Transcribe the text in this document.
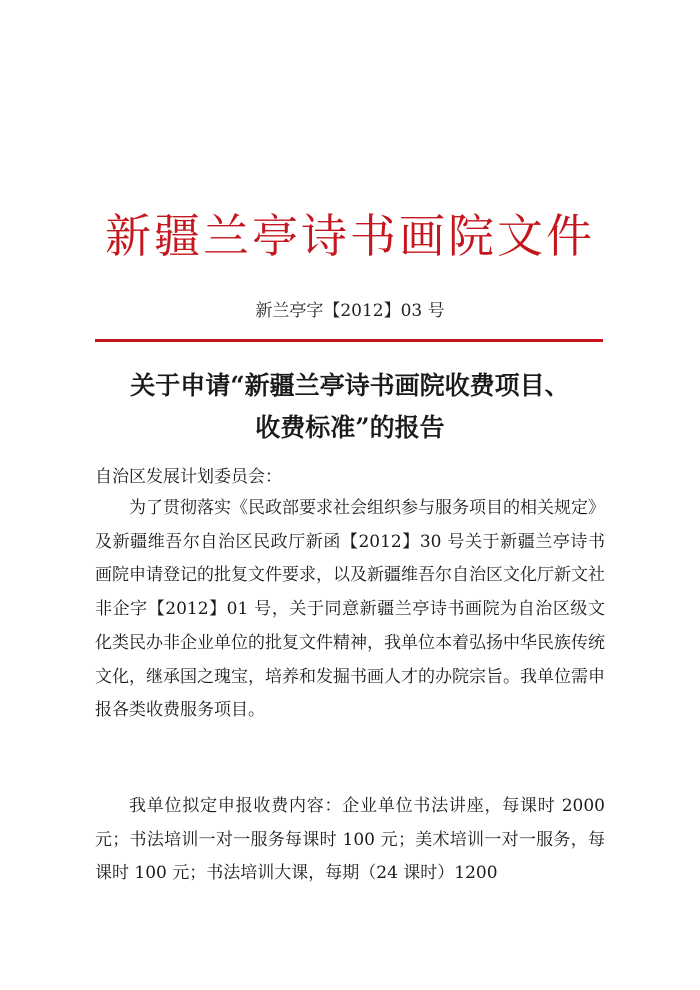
新疆兰亭诗书画院文件
新兰亭字【2012】03 号
关于申请“新疆兰亭诗书画院收费项目、
收费标准”的报告
自治区发展计划委员会：
为了贯彻落实《民政部要求社会组织参与服务项目的相关规定》及新疆维吾尔自治区民政厅新函【2012】30 号关于新疆兰亭诗书画院申请登记的批复文件要求，以及新疆维吾尔自治区文化厅新文社非企字【2012】01 号，关于同意新疆兰亭诗书画院为自治区级文化类民办非企业单位的批复文件精神，我单位本着弘扬中华民族传统文化，继承国之瑰宝，培养和发掘书画人才的办院宗旨。我单位需申报各类收费服务项目。
我单位拟定申报收费内容：企业单位书法讲座，每课时 2000 元；书法培训一对一服务每课时 100 元；美术培训一对一服务，每课时 100 元；书法培训大课，每期（24 课时）1200
